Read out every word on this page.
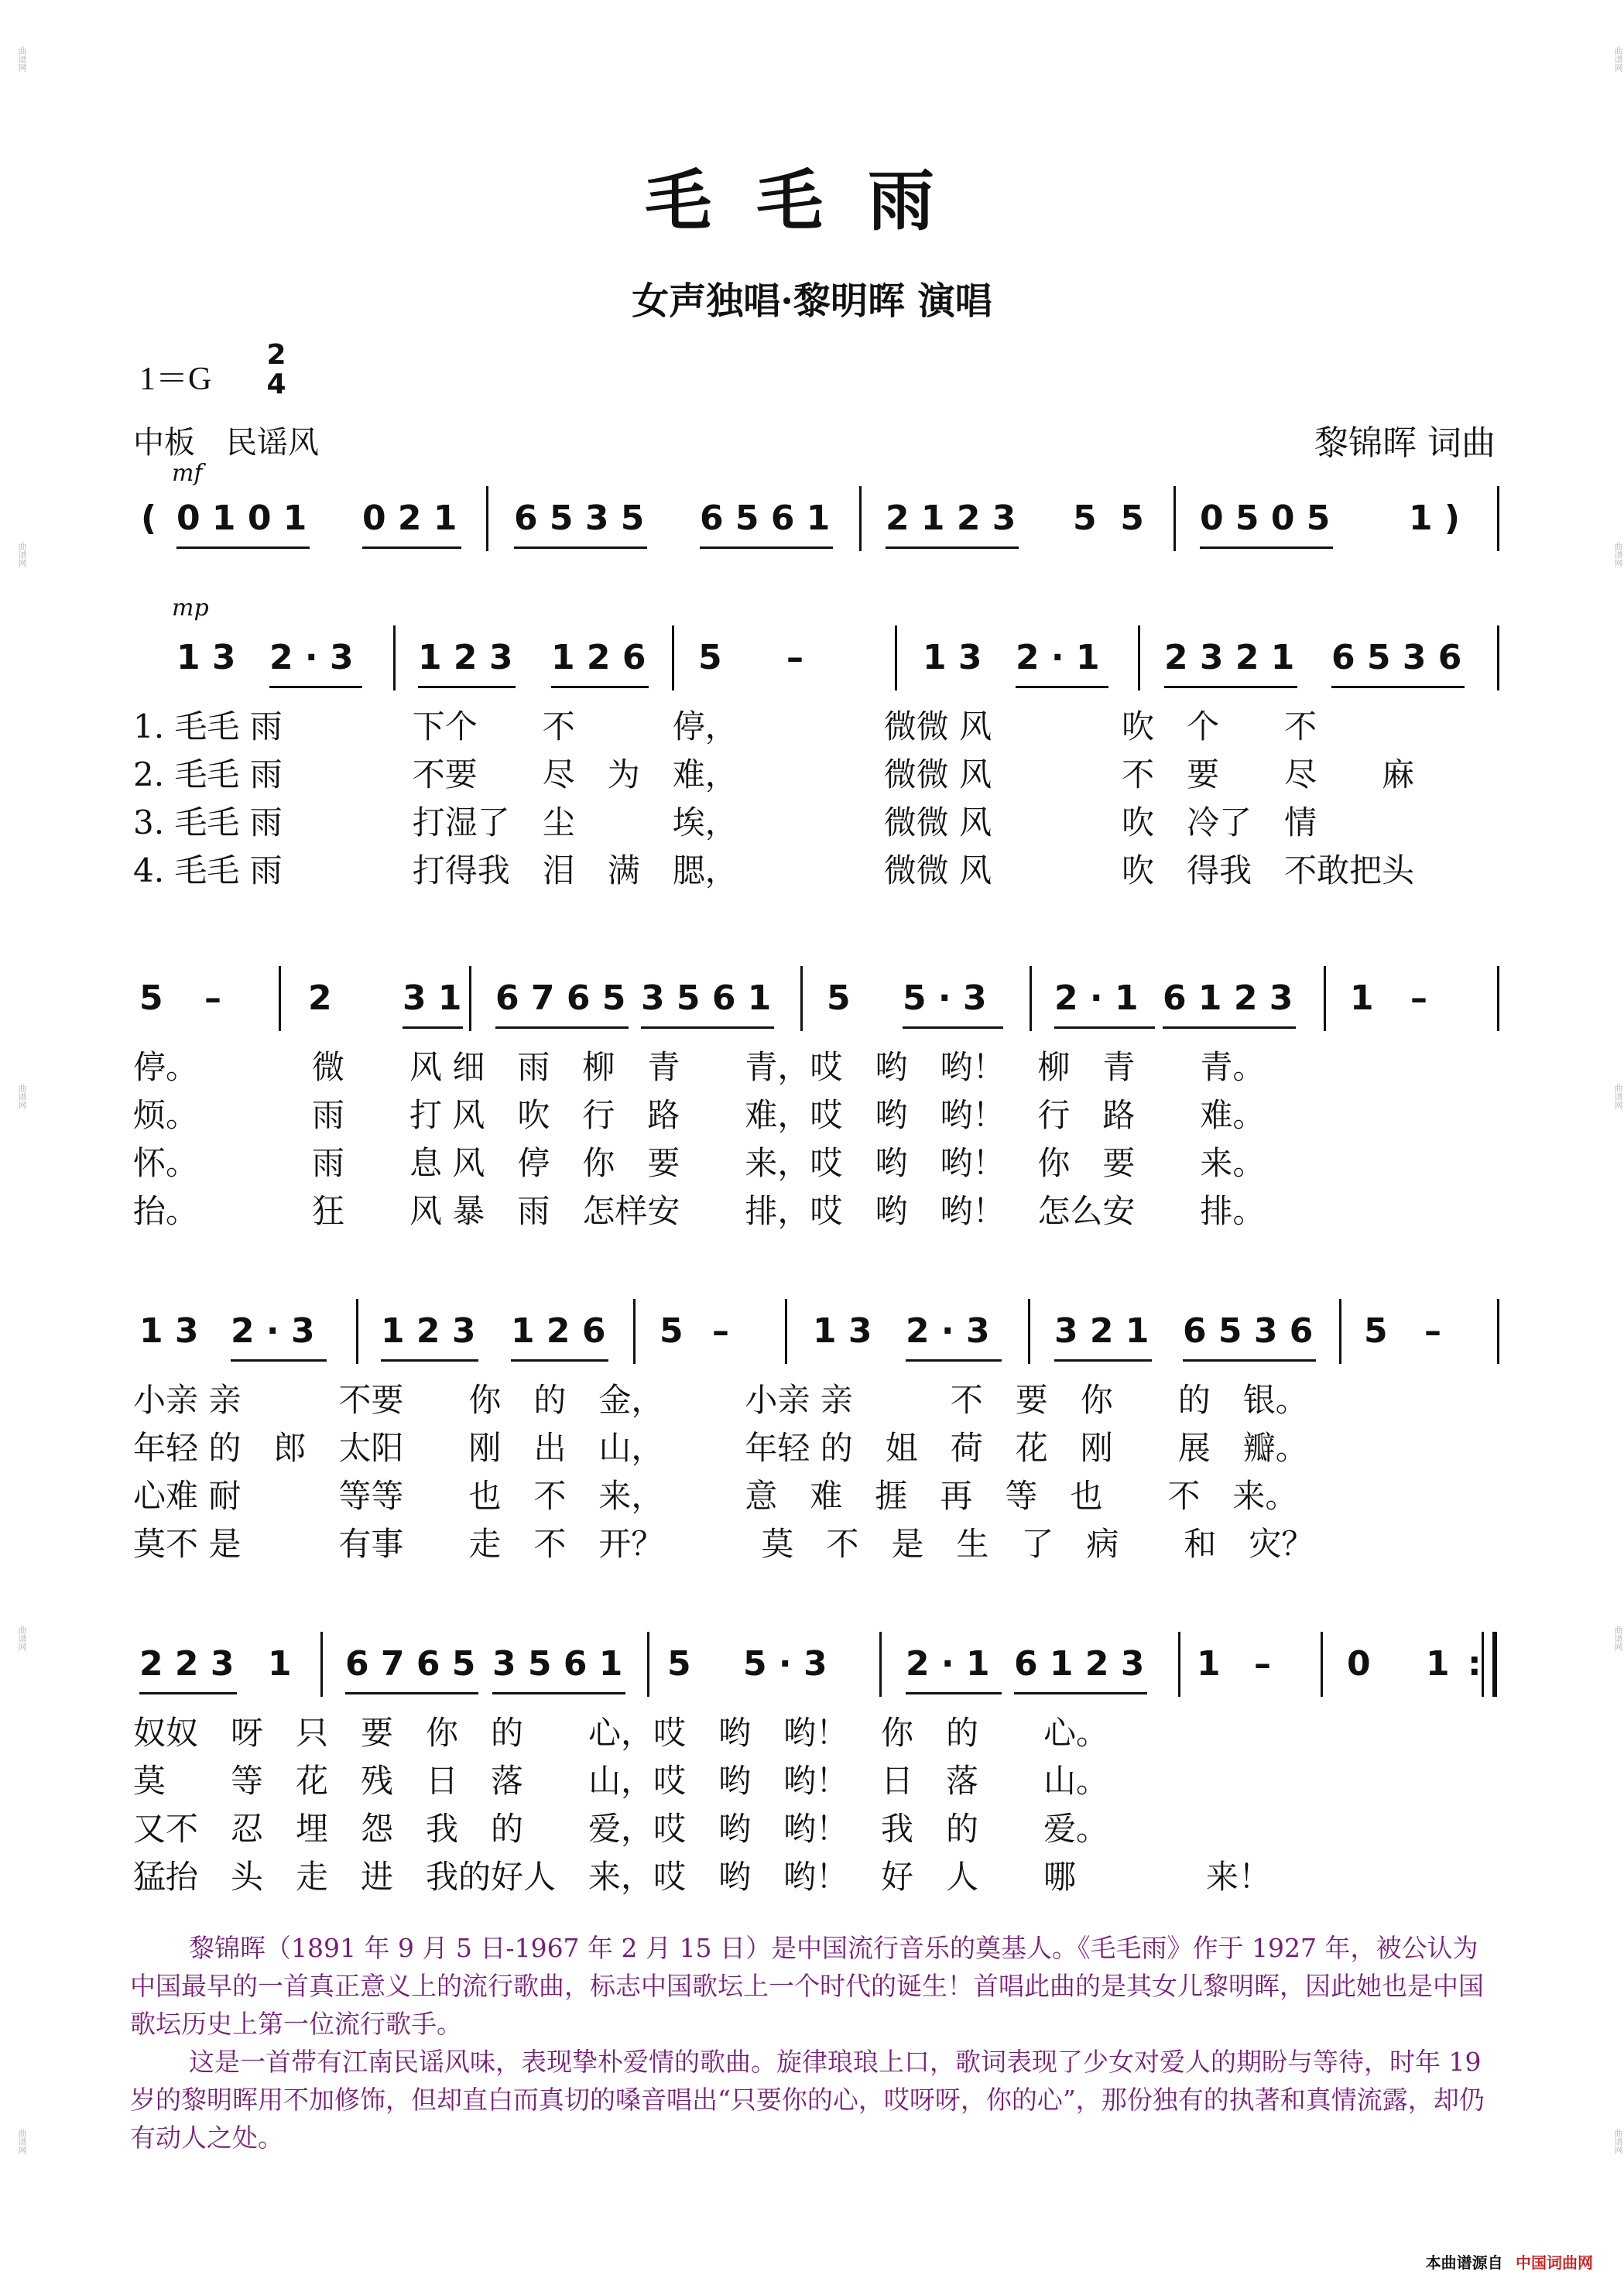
曲谱网
曲谱网
曲谱网
曲谱网
曲谱网
曲谱网
曲谱网
曲谱网
曲谱网
曲谱网
毛毛雨
女声独唱·黎明晖 演唱
1＝G
2
4
中板　民谣风	黎锦晖 词曲
mf
( 0 1 0 1 0 2 1 6 5 3 5 6 5 6 1 2 1 2 3 5  5 0 5 0 5 1 )
mp
1 3 2 · 3 1 2 3 1 2 6 5 –	1 3 2 · 1 2 3 2 1 6 5 3 6
1. 毛毛 雨　　　　下个　　不　　　停，　　　　　微微 风　　　　吹　个　　不
2. 毛毛 雨　　　　不要　　尽　为　难，　　　　　微微 风　　　　不　要　　尽　　麻
3. 毛毛 雨　　　　打湿了　尘　　　埃，　　　　　微微 风　　　　吹　冷了　情
4. 毛毛 雨　　　　打得我　泪　满　腮，　　　　　微微 风　　　　吹　得我　不敢把头
5 –	2 3 1 6 7 6 5 3 5 6 1 5 5 · 3 2 · 1 6 1 2 3 1 –
停。　　　　微　　风 细　雨　柳　青　　青，哎　哟　哟！　柳　青　　青。
烦。　　　　雨　　打 风　吹　行　路　　难，哎　哟　哟！　行　路　　难。
怀。　　　　雨　　息 风　停　你　要　　来，哎　哟　哟！　你　要　　来。
抬。　　　　狂　　风 暴　雨　怎样安　　排，哎　哟　哟！　怎么安　　排。
1 3 2 · 3 1 2 3 1 2 6 5 – 1 3 2 · 3 3 2 1 6 5 3 6 5 –
小亲 亲　　　不要　　你　的　金，　　　小亲 亲　　　不　要　你　　的　银。
年轻 的　郎　太阳　　刚　出　山，　　　年轻 的　姐　荷　花　刚　　展　瓣。
心难 耐　　　等等　　也　不　来，　　　意　难　捱　再　等　也　　不　来。
莫不 是　　　有事　　走　不　开？　　　莫　不　是　生　了　病　　和　灾？
2 2 3 1 6 7 6 5 3 5 6 1 5 5 · 3 2 · 1 6 1 2 3 1 – 0 1 :
奴奴　呀　只　要　你　的　　心，哎　哟　哟！　你　的　　心。
莫　　等　花　残　日　落　　山，哎　哟　哟！　日　落　　山。
又不　忍　埋　怨　我　的　　爱，哎　哟　哟！　我　的　　爱。
猛抬　头　走　进　我的好人　来，哎　哟　哟！　好　人　　哪　　　　来！

黎锦晖（1891 年 9 月 5 日-1967 年 2 月 15 日）是中国流行音乐的奠基人。《毛毛雨》作于 1927 年，被公认为中国最早的一首真正意义上的流行歌曲，标志中国歌坛上一个时代的诞生！首唱此曲的是其女儿黎明晖，因此她也是中国歌坛历史上第一位流行歌手。

这是一首带有江南民谣风味，表现挚朴爱情的歌曲。旋律琅琅上口，歌词表现了少女对爱人的期盼与等待，时年 19 岁的黎明晖用不加修饰，但却直白而真切的嗓音唱出“只要你的心，哎呀呀，你的心”，那份独有的执著和真情流露，却仍有动人之处。

本曲谱源自 中国词曲网
